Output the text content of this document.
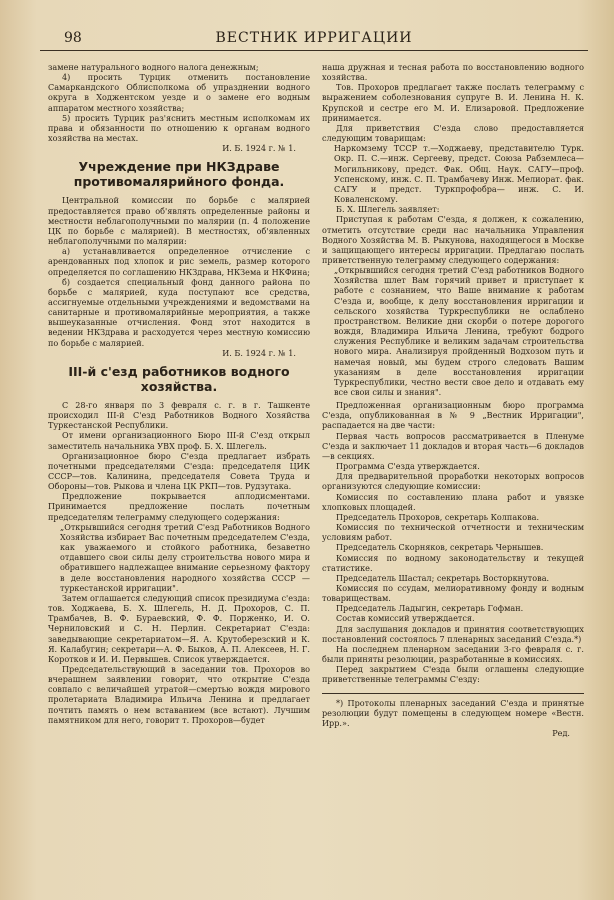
98	ВЕСТНИК ИРРИГАЦИИ

замене натурального водного налога денежным;

4) просить Турцик отменить постановление Самаркандского Облисполкома об упразднении водного округа в Ходжентском уезде и о замене его водным аппаратом местного хозяйства;

5) просить Турцик раз'яснить местным исполкомам их права и обязанности по отношению к органам водного хозяйства на местах.

И. Б. 1924 г. № 1.

Учреждение при НКЗдраве противомалярийного фонда.

Центральной комиссии по борьбе с малярией предоставляется право об'являть определенные районы и местности неблагополучными по малярии (п. 4 положение ЦК по борьбе с малярией). В местностях, об'явленных неблагополучными по малярии:

а) устанавливается определенное отчисление с арендованных под хлопок и рис земель, размер которого определяется по соглашению НКЗдрава, НКЗема и НКФина;

б) создается специальный фонд данного района по борьбе с малярией, куда поступают все средства, ассигнуемые отдельными учреждениями и ведомствами на санитарные и противомалярийные мероприятия, а также вышеуказанные отчисления. Фонд этот находится в ведении НКЗдрава и расходуется через местную комиссию по борьбе с малярией.

И. Б. 1924 г. № 1.

III-й с'езд работников водного хозяйства.

С 28-го января по 3 февраля с. г. в г. Ташкенте происходил III-й С'езд Работников Водного Хозяйства Туркестанской Республики.

От имени организационного Бюро III-й С'езд открыл заместитель начальника УВХ проф. Б. Х. Шлегель.

Организационное бюро С'езда предлагает избрать почетными председателями С'езда: председателя ЦИК СССР—тов. Калинина, председателя Совета Труда и Обороны—тов. Рыкова и члена ЦК РКП—тов. Рудзутака.

Предложение покрывается аплодисментами. Принимается предложение послать почетным председателям телеграмму следующего содержания:

„Открывшийся сегодня третий С'езд Работников Водного Хозяйства избирает Вас почетным председателем С'езда, как уважаемого и стойкого работника, безаветно отдавшего свои силы делу строительства нового мира и обратившего надлежащее внимание серьезному фактору в деле восстановления народного хозяйства СССР —туркестанской ирригации".

Затем оглашается следующий список президиума с'езда: тов. Ходжаева, Б. Х. Шлегель, Н. Д. Прохоров, С. П. Трамбачев, В. Ф. Бураевский, Ф. Ф. Порженко, И. О. Черниловский и С. Н. Перлин. Секретариат С'езда: заведывающие секретариатом—Я. А. Крутоберезский и К. Я. Калабугин; секретари—А. Ф. Быков, А. П. Алексеев, Н. Г. Коротков и И. И. Первышев. Список утверждается.

Председательствующий в заседании тов. Прохоров во вчерашнем заявлении говорит, что открытие С'езда совпало с величайшей утратой—смертью вождя мирового пролетариата Владимира Ильича Ленина и предлагает почтить память о нем вставанием (все встают). Лучшим памятником для него, говорит т. Прохоров—будет

наша дружная и тесная работа по восстановлению водного хозяйства.

Тов. Прохоров предлагает также послать телеграмму с выражением соболезнования супруге В. И. Ленина Н. К. Крупской и сестре его М. И. Елизаровой. Предложение принимается.

Для приветствия С'езда слово предоставляется следующим товарищам:

Наркомзему ТССР т.—Ходжаеву, представителю Турк. Окр. П. С.—инж. Сергееву, предст. Союза Рабземлеса—Могильникову, предст. Фак. Общ. Наук. САГУ—проф. Успенскому, инж. С. П. Трамбачеву Инж. Мелиорат. фак. САГУ и предст. Туркпрофобра— инж. С. И. Коваленскому.

Б. Х. Шлегель заявляет:

Приступая к работам С'езда, я должен, к сожалению, отметить отсутствие среди нас начальника Управления Водного Хозяйства М. В. Рыкунова, находящегося в Москве и защищающего интересы ирригации. Предлагаю послать приветственную телеграмму следующего содержания:

„Открывшийся сегодня третий С'езд работников Водного Хозяйства шлет Вам горячий привет и приступает к работе с сознанием, что Ваше внимание к работам С'езда и, вообще, к делу восстановления ирригации и сельского хозяйства Туркреспублики не ослаблено пространством. Великие дни скорби о потере дорогого вождя, Владимира Ильича Ленина, требуют бодрого служения Республике и великим задачам строительства нового мира. Анализируя пройденный Водхозом путь и намечая новый, мы будем строго следовать Вашим указаниям в деле восстановления ирригации Туркреспублики, честно вести свое дело и отдавать ему все свои силы и знания".

Предложенная организационным бюро программа С'езда, опубликованная в № 9 „Вестник Ирригации", распадается на две части:

Первая часть вопросов рассматривается в Пленуме С'езда и заключает 11 докладов и вторая часть—6 докладов—в секциях.

Программа С'езда утверждается.

Для предварительной проработки некоторых вопросов организуются следующие комиссии:

Комиссия по составлению плана работ и увязке хлопковых площадей.

Председатель Прохоров, секретарь Колпакова.

Комиссия по технической отчетности и техническим условиям работ.

Председатель Скорняков, секретарь Чернышев.

Комиссия по водному законодательству и текущей статистике.

Председатель Шастал; секретарь Восторкнутова.

Комиссия по ссудам, мелиоративному фонду и водным товариществам.

Председатель Ладыгин, секретарь Гофман.

Состав комиссий утверждается.

Для заслушания докладов и принятия соответствующих постановлений состоялось 7 пленарных заседаний С'езда.*)

На последнем пленарном заседании 3-го февраля с. г. были приняты резолюции, разработанные в комиссиях.

Перед закрытием С'езда были оглашены следующие приветственные телеграммы С'езду:

*) Протоколы пленарных заседаний С'езда и принятые резолюции будут помещены в следующем номере «Вестн. Ирр.».

Ред.
